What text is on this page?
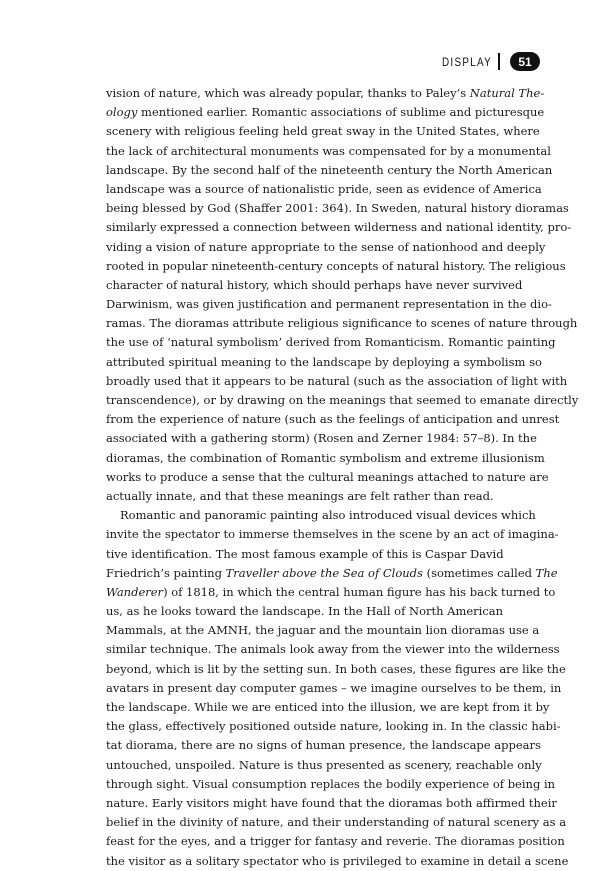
DISPLAY	51
vision of nature, which was already popular, thanks to Paley’s Natural The-
ology mentioned earlier. Romantic associations of sublime and picturesque
scenery with religious feeling held great sway in the United States, where
the lack of architectural monuments was compensated for by a monumental
landscape. By the second half of the nineteenth century the North American
landscape was a source of nationalistic pride, seen as evidence of America
being blessed by God (Shaffer 2001: 364). In Sweden, natural history dioramas
similarly expressed a connection between wilderness and national identity, pro-
viding a vision of nature appropriate to the sense of nationhood and deeply
rooted in popular nineteenth-century concepts of natural history. The religious
character of natural history, which should perhaps have never survived
Darwinism, was given justification and permanent representation in the dio-
ramas. The dioramas attribute religious significance to scenes of nature through
the use of ‘natural symbolism’ derived from Romanticism. Romantic painting
attributed spiritual meaning to the landscape by deploying a symbolism so
broadly used that it appears to be natural (such as the association of light with
transcendence), or by drawing on the meanings that seemed to emanate directly
from the experience of nature (such as the feelings of anticipation and unrest
associated with a gathering storm) (Rosen and Zerner 1984: 57–8). In the
dioramas, the combination of Romantic symbolism and extreme illusionism
works to produce a sense that the cultural meanings attached to nature are
actually innate, and that these meanings are felt rather than read.
Romantic and panoramic painting also introduced visual devices which
invite the spectator to immerse themselves in the scene by an act of imagina-
tive identification. The most famous example of this is Caspar David
Friedrich’s painting Traveller above the Sea of Clouds (sometimes called The
Wanderer) of 1818, in which the central human figure has his back turned to
us, as he looks toward the landscape. In the Hall of North American
Mammals, at the AMNH, the jaguar and the mountain lion dioramas use a
similar technique. The animals look away from the viewer into the wilderness
beyond, which is lit by the setting sun. In both cases, these figures are like the
avatars in present day computer games – we imagine ourselves to be them, in
the landscape. While we are enticed into the illusion, we are kept from it by
the glass, effectively positioned outside nature, looking in. In the classic habi-
tat diorama, there are no signs of human presence, the landscape appears
untouched, unspoiled. Nature is thus presented as scenery, reachable only
through sight. Visual consumption replaces the bodily experience of being in
nature. Early visitors might have found that the dioramas both affirmed their
belief in the divinity of nature, and their understanding of natural scenery as a
feast for the eyes, and a trigger for fantasy and reverie. The dioramas position
the visitor as a solitary spectator who is privileged to examine in detail a scene
